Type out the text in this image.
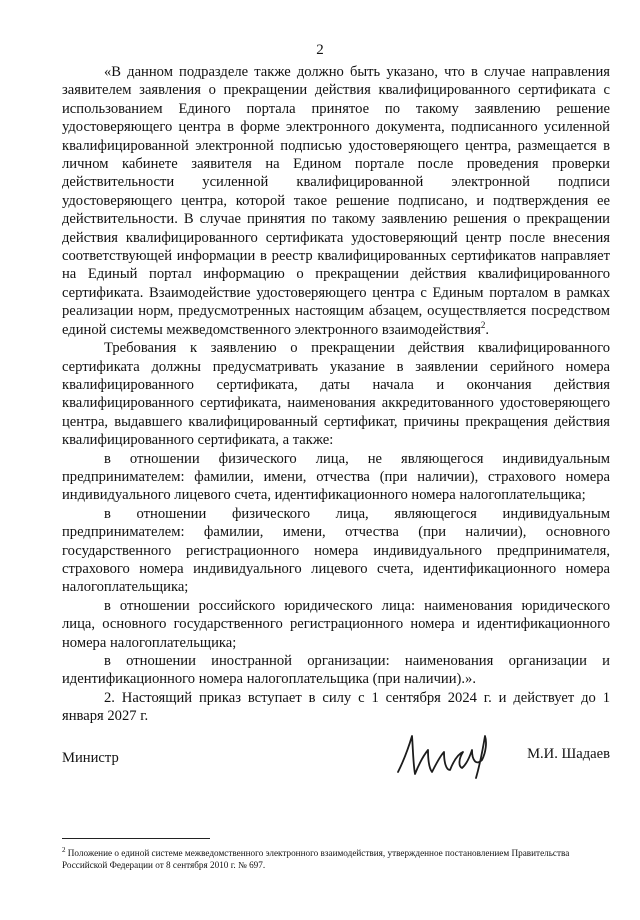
2

«В данном подразделе также должно быть указано, что в случае направления заявителем заявления о прекращении действия квалифицированного сертификата с использованием Единого портала принятое по такому заявлению решение удостоверяющего центра в форме электронного документа, подписанного усиленной квалифицированной электронной подписью удостоверяющего центра, размещается в личном кабинете заявителя на Едином портале после проведения проверки действительности усиленной квалифицированной электронной подписи удостоверяющего центра, которой такое решение подписано, и подтверждения ее действительности. В случае принятия по такому заявлению решения о прекращении действия квалифицированного сертификата удостоверяющий центр после внесения соответствующей информации в реестр квалифицированных сертификатов направляет на Единый портал информацию о прекращении действия квалифицированного сертификата. Взаимодействие удостоверяющего центра с Единым порталом в рамках реализации норм, предусмотренных настоящим абзацем, осуществляется посредством единой системы межведомственного электронного взаимодействия$^2$.

Требования к заявлению о прекращении действия квалифицированного сертификата должны предусматривать указание в заявлении серийного номера квалифицированного сертификата, даты начала и окончания действия квалифицированного сертификата, наименования аккредитованного удостоверяющего центра, выдавшего квалифицированный сертификат, причины прекращения действия квалифицированного сертификата, а также:

в отношении физического лица, не являющегося индивидуальным предпринимателем: фамилии, имени, отчества (при наличии), страхового номера индивидуального лицевого счета, идентификационного номера налогоплательщика;

в отношении физического лица, являющегося индивидуальным предпринимателем: фамилии, имени, отчества (при наличии), основного государственного регистрационного номера индивидуального предпринимателя, страхового номера индивидуального лицевого счета, идентификационного номера налогоплательщика;

в отношении российского юридического лица: наименования юридического лица, основного государственного регистрационного номера и идентификационного номера налогоплательщика;

в отношении иностранной организации: наименования организации и идентификационного номера налогоплательщика (при наличии).».

2. Настоящий приказ вступает в силу с 1 сентября 2024 г. и действует до 1 января 2027 г.

Министр	М.И. Шадаев
$^2$ Положение о единой системе межведомственного электронного взаимодействия, утвержденное постановлением Правительства Российской Федерации от 8 сентября 2010 г. № 697.
